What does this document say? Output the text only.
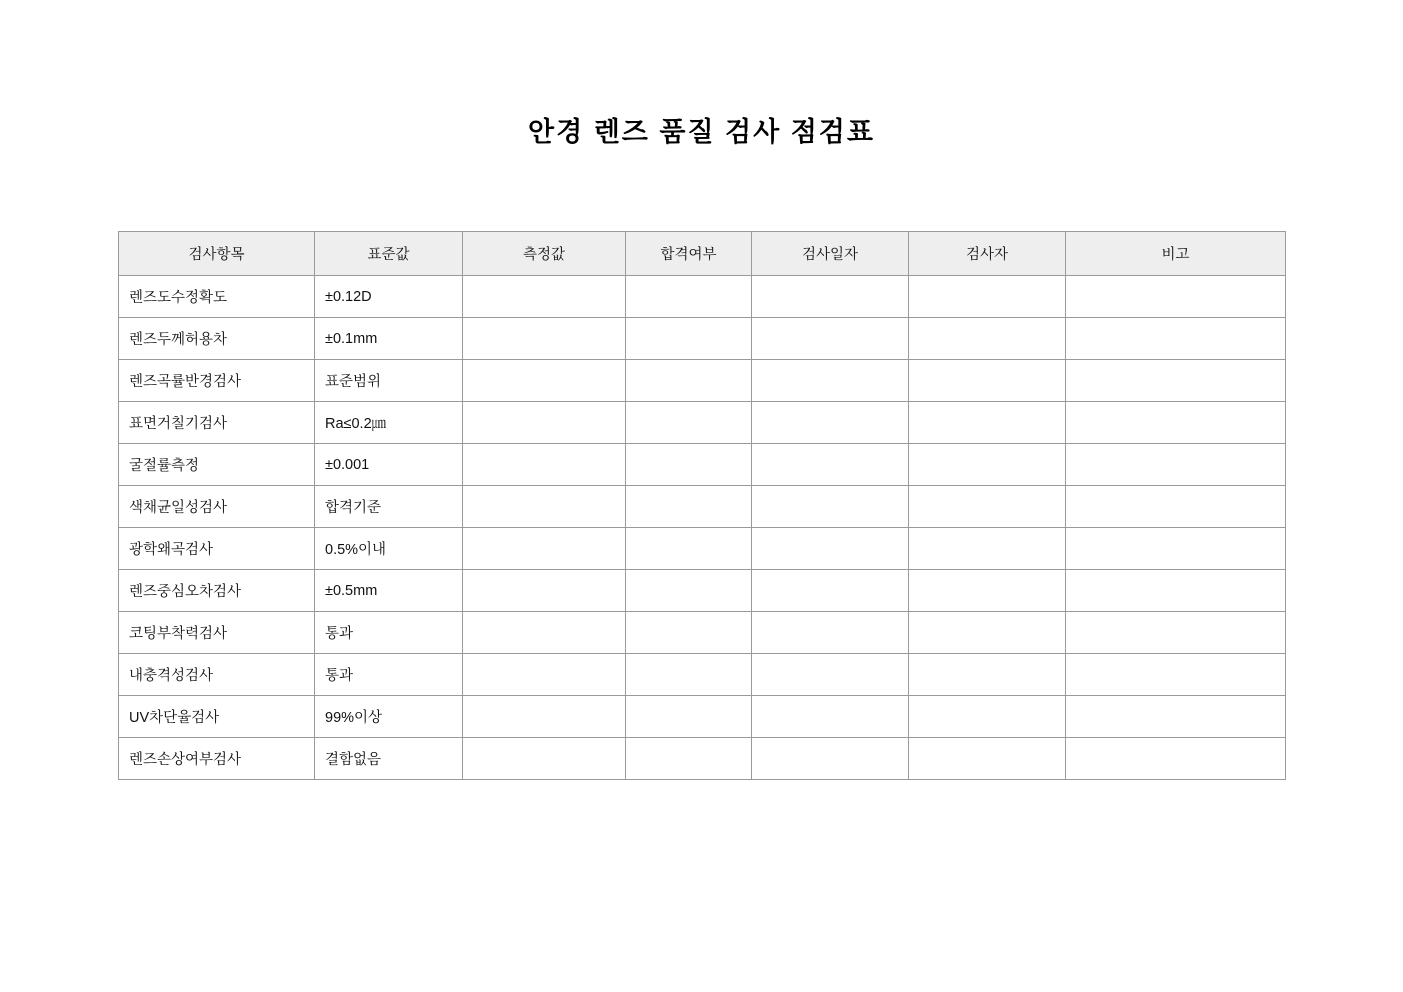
안경 렌즈 품질 검사 점검표
검사항목	표준값	측정값	합격여부	검사일자	검사자	비고
렌즈도수정확도	±0.12D					
렌즈두께허용차	±0.1mm					
렌즈곡률반경검사	표준범위					
표면거칠기검사	Ra≤0.2㎛					
굴절률측정	±0.001					
색채균일성검사	합격기준					
광학왜곡검사	0.5%이내					
렌즈중심오차검사	±0.5mm					
코팅부착력검사	통과					
내충격성검사	통과					
UV차단율검사	99%이상					
렌즈손상여부검사	결함없음					
